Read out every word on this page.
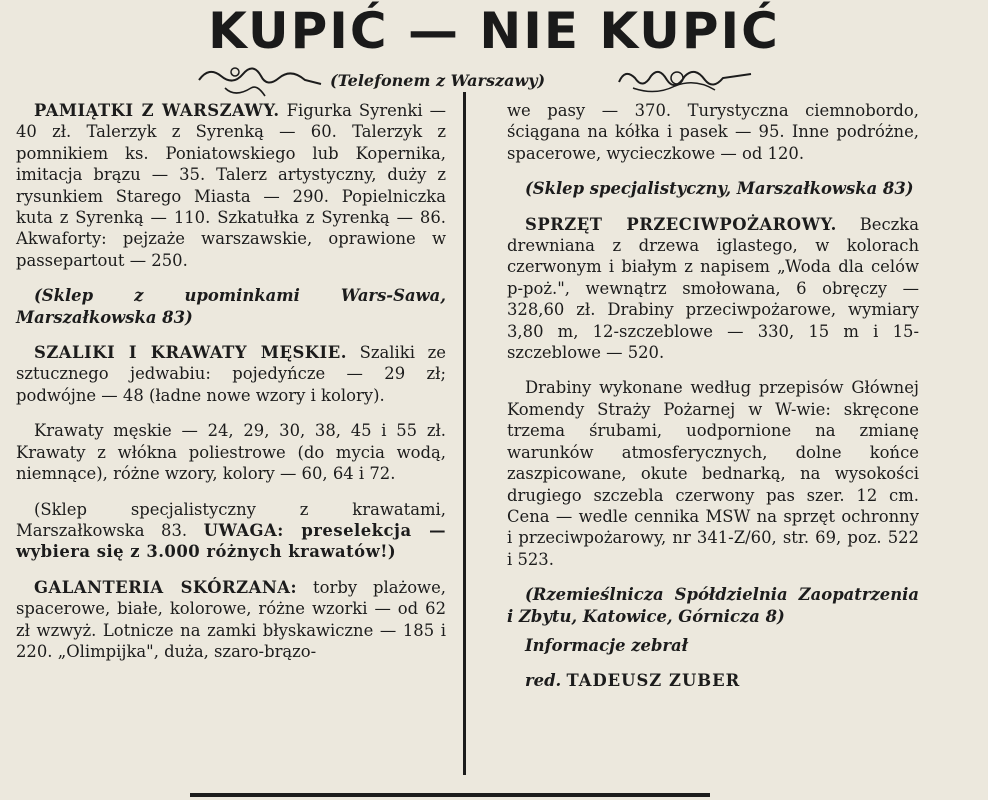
KUPIĆ — NIE KUPIĆ
(Telefonem z Warszawy)

PAMIĄTKI Z WARSZAWY. Figurka Syrenki — 40 zł. Talerzyk z Syrenką — 60. Talerzyk z pomnikiem ks. Poniatowskiego lub Kopernika, imitacja brązu — 35. Talerz artystyczny, duży z rysunkiem Starego Miasta — 290. Popielniczka kuta z Syrenką — 110. Szkatułka z Syrenką — 86. Akwaforty: pejzaże warszawskie, oprawione w passepartout — 250.

(Sklep z upominkami Wars-Sawa, Marszałkowska 83)

SZALIKI I KRAWATY MĘSKIE. Szaliki ze sztucznego jedwabiu: pojedyńcze — 29 zł; podwójne — 48 (ładne nowe wzory i kolory).

Krawaty męskie — 24, 29, 30, 38, 45 i 55 zł. Krawaty z włókna poliestrowe (do mycia wodą, niemnące), różne wzory, kolory — 60, 64 i 72.

(Sklep specjalistyczny z krawatami, Marszałkowska 83. UWAGA: preselekcja — wybiera się z 3.000 różnych krawatów!)

GALANTERIA SKÓRZANA: torby plażowe, spacerowe, białe, kolorowe, różne wzorki — od 62 zł wzwyż. Lotnicze na zamki błyskawiczne — 185 i 220. „Olimpijka", duża, szaro-brązo-

we pasy — 370. Turystyczna ciemnobordo, ściągana na kółka i pasek — 95. Inne podróżne, spacerowe, wycieczkowe — od 120.

(Sklep specjalistyczny, Marszałkowska 83)

SPRZĘT PRZECIWPOŻAROWY. Beczka drewniana z drzewa iglastego, w kolorach czerwonym i białym z napisem „Woda dla celów p-poż.", wewnątrz smołowana, 6 obręczy — 328,60 zł. Drabiny przeciwpożarowe, wymiary 3,80 m, 12-szczeblowe — 330, 15 m i 15-szczeblowe — 520.

Drabiny wykonane według przepisów Głównej Komendy Straży Pożarnej w W-wie: skręcone trzema śrubami, uodpornione na zmianę warunków atmosferycznych, dolne końce zaszpicowane, okute bednarką, na wysokości drugiego szczebla czerwony pas szer. 12 cm. Cena — wedle cennika MSW na sprzęt ochronny i przeciwpożarowy, nr 341-Z/60, str. 69, poz. 522 i 523.

(Rzemieślnicza Spółdzielnia Zaopatrzenia i Zbytu, Katowice, Górnicza 8)

Informacje zebrał

red. TADEUSZ ZUBER
